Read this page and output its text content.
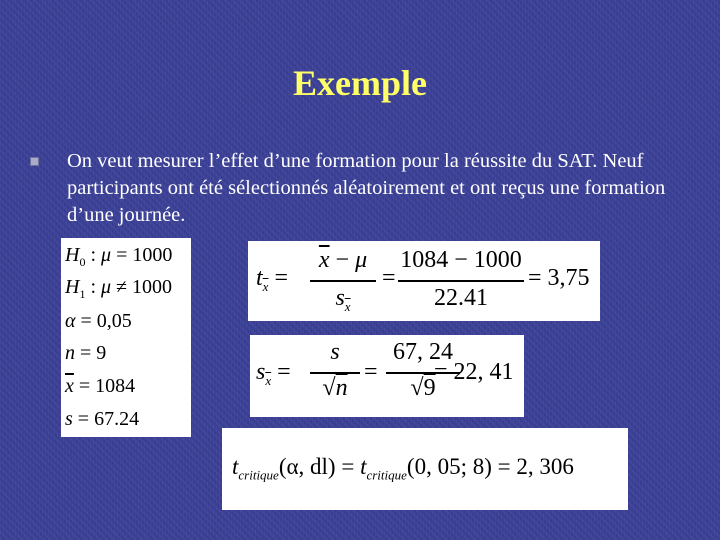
Exemple
On veut mesurer l’effet d’une formation pour la réussite du SAT. Neuf participants ont été sélectionnés aléatoirement et ont reçus une formation d’une journée.
$H_0$ : μ = 1000
$H_1$ : μ ≠ 1000
α = 0,05
n = 9
$\overline{x} = 1084$
s = 67.24
$t_{\overline{x}}$ =
$\overline{x} - \mu$
$s_{\overline{x}}$
=
1084 − 1000
22.41
= 3,75
$s_{\overline{x}}$ =
s
√n
=
67, 24
√9
= 22, 41
$t_{critique}(\alpha$, $dl) = t_{critique}(0$, 05; 8) = 2, 306
